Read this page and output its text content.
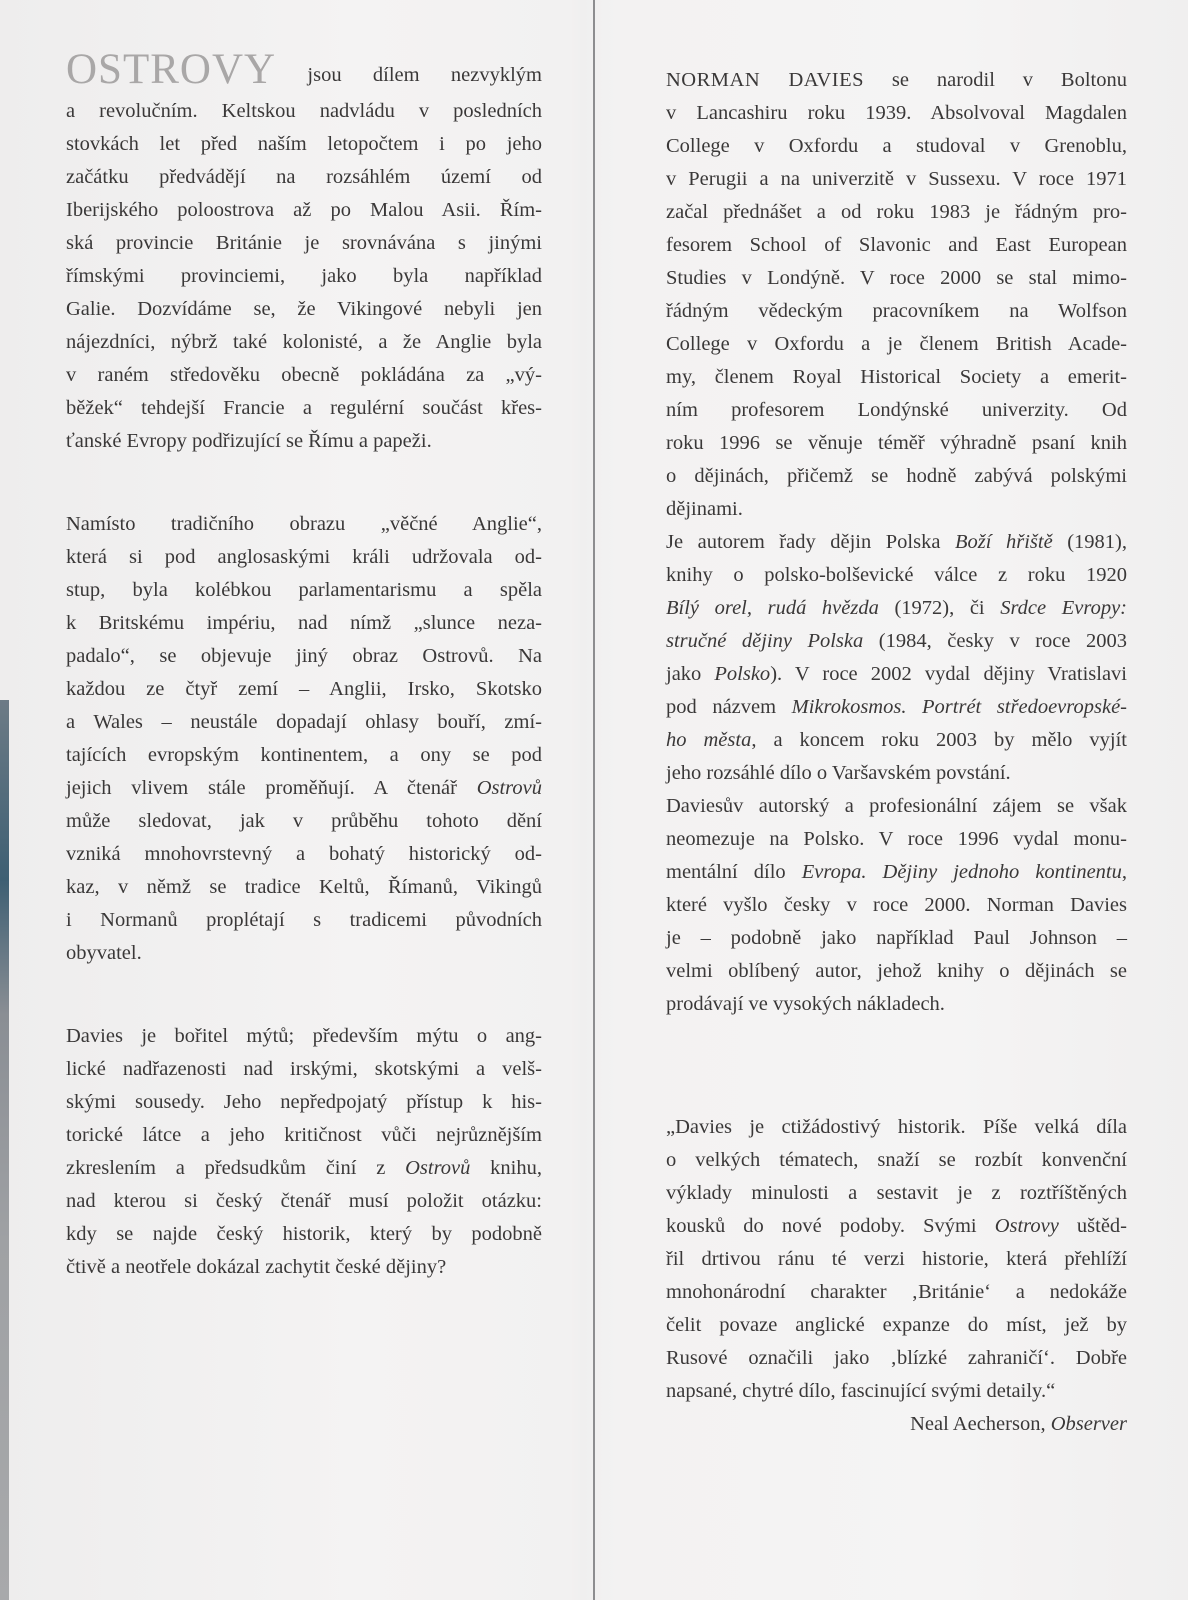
OSTROVY jsou dílem nezvyklým
a revolučním. Keltskou nadvládu v posledních
stovkách let před naším letopočtem i po jeho
začátku předvádějí na rozsáhlém území od
Iberijského poloostrova až po Malou Asii. Řím-
ská provincie Británie je srovnávána s jinými
římskými provinciemi, jako byla například
Galie. Dozvídáme se, že Vikingové nebyli jen
nájezdníci, nýbrž také kolonisté, a že Anglie byla
v raném středověku obecně pokládána za „vý-
běžek“ tehdejší Francie a regulérní součást křes-
ťanské Evropy podřizující se Římu a papeži.
Namísto tradičního obrazu „věčné Anglie“,
která si pod anglosaskými králi udržovala od-
stup, byla kolébkou parlamentarismu a spěla
k Britskému impériu, nad nímž „slunce neza-
padalo“, se objevuje jiný obraz Ostrovů. Na
každou ze čtyř zemí – Anglii, Irsko, Skotsko
a Wales – neustále dopadají ohlasy bouří, zmí-
tajících evropským kontinentem, a ony se pod
jejich vlivem stále proměňují. A čtenář Ostrovů
může sledovat, jak v průběhu tohoto dění
vzniká mnohovrstevný a bohatý historický od-
kaz, v němž se tradice Keltů, Římanů, Vikingů
i Normanů proplétají s tradicemi původních
obyvatel.
Davies je bořitel mýtů; především mýtu o ang-
lické nadřazenosti nad irskými, skotskými a velš-
skými sousedy. Jeho nepředpojatý přístup k his-
torické látce a jeho kritičnost vůči nejrůznějším
zkreslením a předsudkům činí z Ostrovů knihu,
nad kterou si český čtenář musí položit otázku:
kdy se najde český historik, který by podobně
čtivě a neotřele dokázal zachytit české dějiny?
NORMAN DAVIES se narodil v Boltonu
v Lancashiru roku 1939. Absolvoval Magdalen
College v Oxfordu a studoval v Grenoblu,
v Perugii a na univerzitě v Sussexu. V roce 1971
začal přednášet a od roku 1983 je řádným pro-
fesorem School of Slavonic and East European
Studies v Londýně. V roce 2000 se stal mimo-
řádným vědeckým pracovníkem na Wolfson
College v Oxfordu a je členem British Acade-
my, členem Royal Historical Society a emerit-
ním profesorem Londýnské univerzity. Od
roku 1996 se věnuje téměř výhradně psaní knih
o dějinách, přičemž se hodně zabývá polskými
dějinami.
Je autorem řady dějin Polska Boží hřiště (1981),
knihy o polsko-bolševické válce z roku 1920
Bílý orel, rudá hvězda (1972), či Srdce Evropy:
stručné dějiny Polska (1984, česky v roce 2003
jako Polsko). V roce 2002 vydal dějiny Vratislavi
pod názvem Mikrokosmos. Portrét středoevropské-
ho města, a koncem roku 2003 by mělo vyjít
jeho rozsáhlé dílo o Varšavském povstání.
Daviesův autorský a profesionální zájem se však
neomezuje na Polsko. V roce 1996 vydal monu-
mentální dílo Evropa. Dějiny jednoho kontinentu,
které vyšlo česky v roce 2000. Norman Davies
je – podobně jako například Paul Johnson –
velmi oblíbený autor, jehož knihy o dějinách se
prodávají ve vysokých nákladech.
„Davies je ctižádostivý historik. Píše velká díla
o velkých tématech, snaží se rozbít konvenční
výklady minulosti a sestavit je z roztříštěných
kousků do nové podoby. Svými Ostrovy uštěd-
řil drtivou ránu té verzi historie, která přehlíží
mnohonárodní charakter ‚Británie‘ a nedokáže
čelit povaze anglické expanze do míst, jež by
Rusové označili jako ‚blízké zahraničí‘. Dobře
napsané, chytré dílo, fascinující svými detaily.“
Neal Aecherson, Observer
